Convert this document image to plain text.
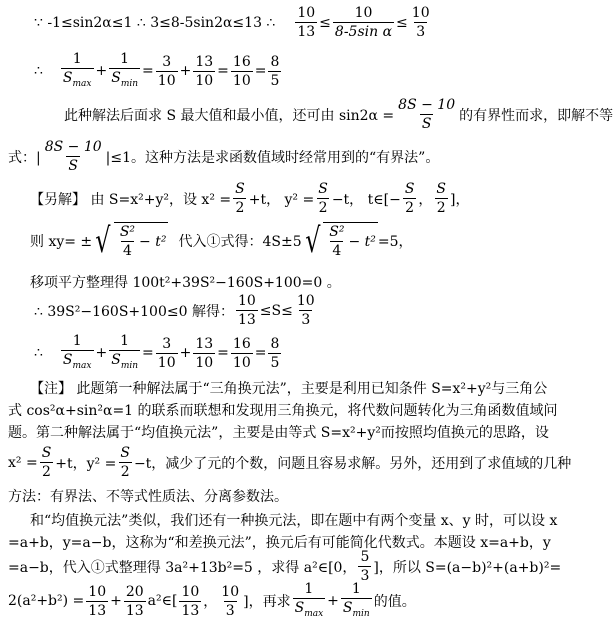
∵ -1≤sin2α≤1 ∴ 3≤8-5sin2α≤13 ∴ $\frac{10}{13} \le \frac{10}{\text{8-5sin α}} \le \frac{10}{3}$
∴ $\frac{1}{S_{max}} + \frac{1}{S_{min}} = \frac{3}{10} + \frac{13}{10} = \frac{16}{10} = \frac{8}{5}$
此种解法后面求 S 最大值和最小值，还可由 $\sin 2\alpha = \frac{8S - 10}{S}$ 的有界性而求，即解不等
式：| $\frac{8S - 10}{S} |\le 1$。这种方法是求函数值域时经常用到的“有界法”。
【另解】 由 S=x²+y²，设 $x^2 = \frac{S}{2} +t$， $y^2 = \frac{S}{2} -t$， t∈[− $\frac{S}{2}$ ， $\frac{S}{2}$ ]，
则 xy= ± √ $\frac{\text{S²}}{4} - t^2$ 代入①式得：4S±5 √ $\frac{\text{S²}}{4} - t^2 =5$，
移项平方整理得 100t²+39S²−160S+100=0 。
∴ 39S²−160S+100≤0 解得： $\frac{10}{13} \le S\le \frac{10}{3}$
∴ $\frac{1}{S_{max}} + \frac{1}{S_{min}} = \frac{3}{10} + \frac{13}{10} = \frac{16}{10} = \frac{8}{5}$
【注】 此题第一种解法属于“三角换元法”，主要是利用已知条件 S=x²+y²与三角公
式 cos²α+sin²α=1 的联系而联想和发现用三角换元，将代数问题转化为三角函数值域问
题。第二种解法属于“均值换元法”，主要是由等式 S=x²+y²而按照均值换元的思路，设
$x^2 = \frac{S}{2} +t$，$y^2 = \frac{S}{2} -t$，减少了元的个数，问题且容易求解。另外，还用到了求值域的几种
方法：有界法、不等式性质法、分离参数法。
和“均值换元法”类似，我们还有一种换元法，即在题中有两个变量 x、y 时，可以设 x
=a+b，y=a−b，这称为“和差换元法”，换元后有可能简化代数式。本题设 x=a+b，y
=a−b，代入①式整理得 3a²+13b²=5 ，求得 a²∈[0， $\frac{5}{3}$ ]，所以 S=(a−b)²+(a+b)²=
$2(a^2+b^2) = \frac{10}{13} + \frac{20}{13}$ a²∈[ $\frac{10}{13}$ ， $\frac{10}{3}$ ]，再求 $\frac{1}{S_{max}} + \frac{1}{S_{min}}$ 的值。
